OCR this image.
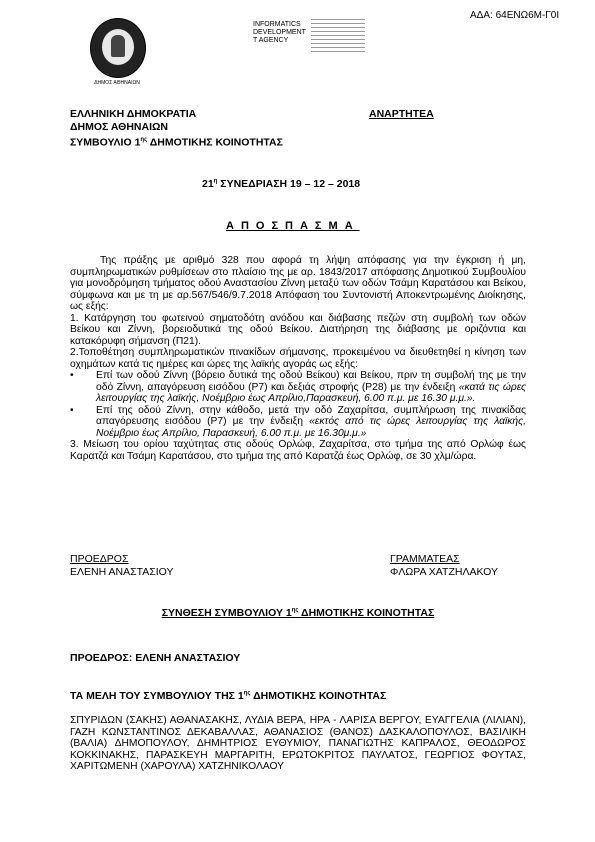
ΑΔΑ: 64ΕΝΩ6Μ-Γ0Ι
ΔΗΜΟΣ ΑΘΗΝΑΙΩΝ
INFORMATICS
DEVELOPMENT
T AGENCY
ΕΛΛΗΝΙΚΗ ΔΗΜΟΚΡΑΤΙΑ
ΔΗΜΟΣ ΑΘΗΝΑΙΩΝ
ΣΥΜΒΟΥΛΙΟ $1^{\eta\varsigma}$ ΔΗΜΟΤΙΚΗΣ ΚΟΙΝΟΤΗΤΑΣ
ΑΝΑΡΤΗΤΕΑ
$21^\eta$ ΣΥΝΕΔΡΙΑΣΗ 19 – 12 – 2018
ΑΠΟΣΠΑΣΜΑ

Της πράξης με αριθμό 328 που αφορά τη λήψη απόφασης για την έγκριση ή μη, συμπληρωματικών ρυθμίσεων στο πλαίσιο της με αρ. 1843/2017 απόφασης Δημοτικού Συμβουλίου για μονοδρόμηση τμήματος οδού Αναστασίου Ζίννη μεταξύ των οδών Τσάμη Καρατάσου και Βείκου, σύμφωνα και με τη με αρ.567/546/9.7.2018 Απόφαση του Συντονιστή Αποκεντρωμένης Διοίκησης, ως εξής:

1. Κατάργηση του φωτεινού σηματοδότη ανόδου και διάβασης πεζών στη συμβολή των οδών Βείκου και Ζίννη, βορειοδυτικά της οδού Βείκου. Διατήρηση της διάβασης με οριζόντια και κατακόρυφη σήμανση (Π21).

2.Τοποθέτηση συμπληρωματικών πινακίδων σήμανσης, προκειμένου να διευθετηθεί η κίνηση των οχημάτων κατά τις ημέρες και ώρες της λαϊκής αγοράς ως εξής:

• Επί των οδού Ζίννη (βόρειο δυτικά της οδού Βείκου) και Βείκου, πριν τη συμβολή της με την οδό Ζίννη, απαγόρευση εισόδου (Ρ7) και δεξιάς στροφής (Ρ28) με την ένδειξη «κατά τις ώρες λειτουργίας της λαϊκής, Νοέμβριο έως Απρίλιο,Παρασκευή, 6.00 π.μ. με 16.30 μ.μ.».

• Επί της οδού Ζίννη, στην κάθοδο, μετά την οδό Ζαχαρίτσα, συμπλήρωση της πινακίδας απαγόρευσης εισόδου (Ρ7) με την ένδειξη «εκτός από τις ώρες λειτουργίας της λαϊκής, Νοέμβριο έως Απρίλιο, Παρασκευή, 6.00 π.μ. με 16.30μ.μ.»

3. Μείωση του ορίου ταχύτητας στις οδούς Ορλώφ, Ζαχαρίτσα, στο τμήμα της από Ορλώφ έως Καρατζά και Τσάμη Καρατάσου, στο τμήμα της από Καρατζά έως Ορλώφ, σε 30 χλμ/ώρα.

ΠΡΟΕΔΡΟΣ
ΕΛΕΝΗ ΑΝΑΣΤΑΣΙΟΥ
ΓΡΑΜΜΑΤΕΑΣ
ΦΛΩΡΑ ΧΑΤΖΗΛΑΚΟΥ
ΣΥΝΘΕΣΗ ΣΥΜΒΟΥΛΙΟΥ $1^{\eta\varsigma}$ ΔΗΜΟΤΙΚΗΣ ΚΟΙΝΟΤΗΤΑΣ
ΠΡΟΕΔΡΟΣ: ΕΛΕΝΗ ΑΝΑΣΤΑΣΙΟΥ
ΤΑ ΜΕΛΗ ΤΟΥ ΣΥΜΒΟΥΛΙΟΥ ΤΗΣ $1^{\eta\varsigma}$ ΔΗΜΟΤΙΚΗΣ ΚΟΙΝΟΤΗΤΑΣ
ΣΠΥΡΙΔΩΝ (ΣΑΚΗΣ) ΑΘΑΝΑΣΑΚΗΣ, ΛΥΔΙΑ ΒΕΡΑ, ΗΡΑ - ΛΑΡΙΣΑ ΒΕΡΓΟΥ, ΕΥΑΓΓΕΛΙΑ (ΛΙΛΙΑΝ), ΓΑΖΗ ΚΩΝΣΤΑΝΤΙΝΟΣ ΔΕΚΑΒΑΛΛΑΣ, ΑΘΑΝΑΣΙΟΣ (ΘΑΝΟΣ) ΔΑΣΚΑΛΟΠΟΥΛΟΣ, ΒΑΣΙΛΙΚΗ (ΒΑΛΙΑ) ΔΗΜΟΠΟΥΛΟΥ, ΔΗΜΗΤΡΙΟΣ ΕΥΘΥΜΙΟΥ, ΠΑΝΑΓΙΩΤΗΣ ΚΑΠΡΑΛΟΣ, ΘΕΟΔΩΡΟΣ ΚΟΚΚΙΝΑΚΗΣ, ΠΑΡΑΣΚΕΥΗ ΜΑΡΓΑΡΙΤΗ, ΕΡΩΤΟΚΡΙΤΟΣ ΠΑΥΛΑΤΟΣ, ΓΕΩΡΓΙΟΣ ΦΟΥΤΑΣ, ΧΑΡΙΤΩΜΕΝΗ (ΧΑΡΟΥΛΑ) ΧΑΤΖΗΝΙΚΟΛΑΟΥ
